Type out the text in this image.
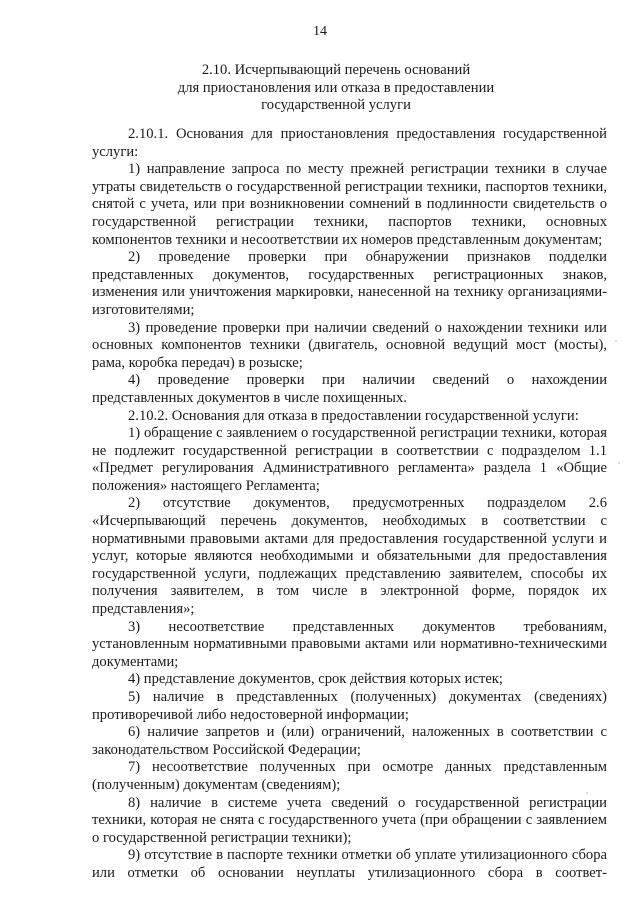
14
2.10. Исчерпывающий перечень оснований
для приостановления или отказа в предоставлении
государственной услуги

2.10.1. Основания для приостановления предоставления государственной услуги:

1) направление запроса по месту прежней регистрации техники в случае утраты свидетельств о государственной регистрации техники, паспортов техники, снятой с учета, или при возникновении сомнений в подлинности свидетельств о государственной регистрации техники, паспортов техники, основных компонентов техники и несоответствии их номеров представленным документам;

2) проведение проверки при обнаружении признаков подделки представленных документов, государственных регистрационных знаков, изменения или уничтожения маркировки, нанесенной на технику организациями-изготовителями;

3) проведение проверки при наличии сведений о нахождении техники или основных компонентов техники (двигатель, основной ведущий мост (мосты), рама, коробка передач) в розыске;

4) проведение проверки при наличии сведений о нахождении представленных документов в числе похищенных.

2.10.2. Основания для отказа в предоставлении государственной услуги:

1) обращение с заявлением о государственной регистрации техники, которая не подлежит государственной регистрации в соответствии с подразделом 1.1 «Предмет регулирования Административного регламента» раздела 1 «Общие положения» настоящего Регламента;

2) отсутствие документов, предусмотренных подразделом 2.6 «Исчерпывающий перечень документов, необходимых в соответствии с нормативными правовыми актами для предоставления государственной услуги и услуг, которые являются необходимыми и обязательными для предоставления государственной услуги, подлежащих представлению заявителем, способы их получения заявителем, в том числе в электронной форме, порядок их представления»;

3) несоответствие представленных документов требованиям, установленным нормативными правовыми актами или нормативно-техническими документами;

4) представление документов, срок действия которых истек;

5) наличие в представленных (полученных) документах (сведениях) противоречивой либо недостоверной информации;

6) наличие запретов и (или) ограничений, наложенных в соответствии с законодательством Российской Федерации;

7) несоответствие полученных при осмотре данных представленным (полученным) документам (сведениям);

8) наличие в системе учета сведений о государственной регистрации техники, которая не снята с государственного учета (при обращении с заявлением о государственной регистрации техники);

9) отсутствие в паспорте техники отметки об уплате утилизационного сбора или отметки об основании неуплаты утилизационного сбора в соответ-
